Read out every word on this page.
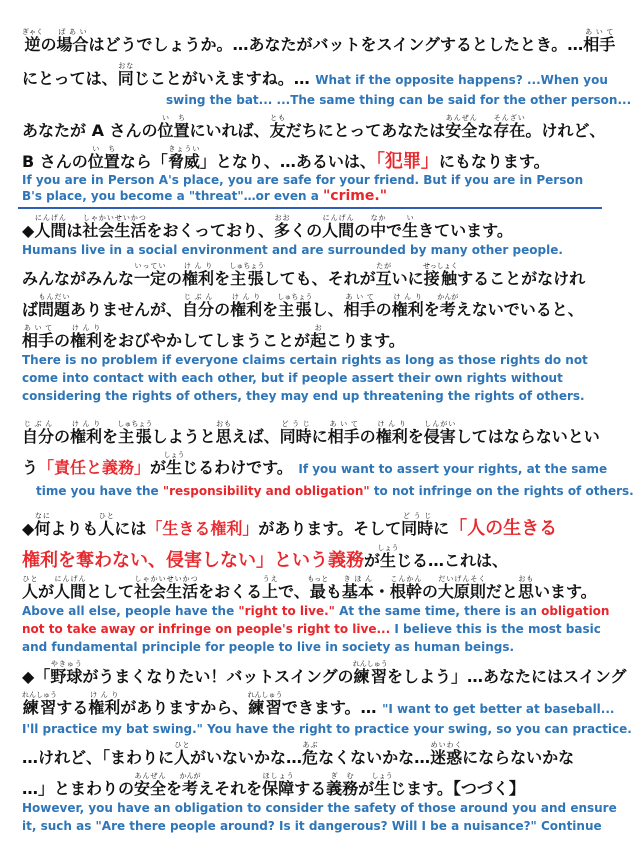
逆ぎゃくの場合ばあいはどうでしょうか。…あなたがバットをスイングするとしたとき。…相手あいて

にとっては、同おなじことがいえますね。… What if the opposite happens? ...When you

swing the bat... ...The same thing can be said for the other person...

あなたが A さんの位置いちにいれば、友ともだちにとってあなたは安全あんぜんな存在そんざい。けれど、

B さんの位置いちなら「脅威きょうい」となり、…あるいは、「犯罪」にもなります。

If you are in Person A's place, you are safe for your friend. But if you are in Person

B's place, you become a "threat"…or even a "crime."

◆人間にんげんは社会生活しゃかいせいかつをおくっており、多おおくの人間にんげんの中なかで生いきています。

Humans live in a social environment and are surrounded by many other people.

みんながみんな一定いっていの権利けんりを主張しゅちょうしても、それが互たがいに接触せっしょくすることがなけれ

ば問題もんだいありませんが、自分じぶんの権利けんりを主張しゅちょうし、相手あいての権利けんりを考かんがえないでいると、

相手あいての権利けんりをおびやかしてしまうことが起おこります。

There is no problem if everyone claims certain rights as long as those rights do not

come into contact with each other, but if people assert their own rights without

considering the rights of others, they may end up threatening the rights of others.

自分じぶんの権利けんりを主張しゅちょうしようと思おもえば、同時どうじに相手あいての権利けんりを侵害しんがいしてはならないとい

う「責任と義務」が生しょうじるわけです。 If you want to assert your rights, at the same

time you have the "responsibility and obligation" to not infringe on the rights of others.

◆何なによりも人ひとには「生きる権利」があります。そして同時どうじに「人の生きる

権利を奪わない、侵害しない」という義務が生しょうじる…これは、

人ひとが人間にんげんとして社会生活しゃかいせいかつをおくる上うえで、最もっとも基本きほん・根幹こんかんの大原則だいげんそくだと思おもいます。

Above all else, people have the "right to live." At the same time, there is an obligation

not to take away or infringe on people's right to live... I believe this is the most basic

and fundamental principle for people to live in society as human beings.

◆「野球やきゅうがうまくなりたい！バットスイングの練習れんしゅうをしよう」…あなたにはスイング

練習れんしゅうする権利けんりがありますから、練習れんしゅうできます。… "I want to get better at baseball...

I'll practice my bat swing." You have the right to practice your swing, so you can practice.

…けれど、「まわりに人ひとがいないかな…危あぶなくないかな…迷惑めいわくにならないかな

…」とまわりの安全あんぜんを考かんがえそれを保障ほしょうする義務ぎむが生しょうじます。【つづく】

However, you have an obligation to consider the safety of those around you and ensure

it, such as "Are there people around? Is it dangerous? Will I be a nuisance?" Continue
